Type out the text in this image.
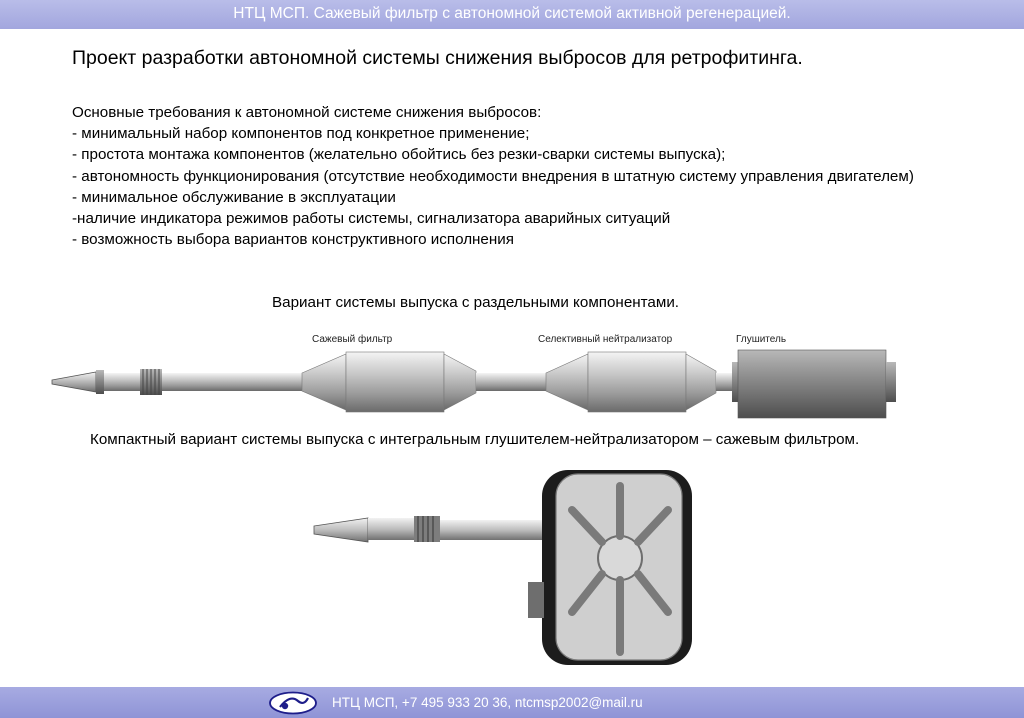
НТЦ МСП. Сажевый фильтр с автономной системой активной регенерацией.
Проект разработки автономной системы снижения выбросов для ретрофитинга.
Основные требования к автономной системе снижения выбросов:
- минимальный набор компонентов под конкретное применение;
- простота монтажа компонентов (желательно обойтись без резки-сварки системы выпуска);
- автономность функционирования (отсутствие необходимости внедрения в штатную систему управления двигателем)
- минимальное обслуживание в эксплуатации
-наличие индикатора режимов работы системы, сигнализатора аварийных ситуаций
- возможность выбора вариантов конструктивного исполнения
Вариант системы выпуска с раздельными компонентами.
Сажевый фильтр	Селективный нейтрализатор	Глушитель
Компактный вариант системы выпуска с интегральным глушителем-нейтрализатором – сажевым фильтром.
НТЦ МСП, +7 495 933 20 36, ntcmsp2002@mail.ru
